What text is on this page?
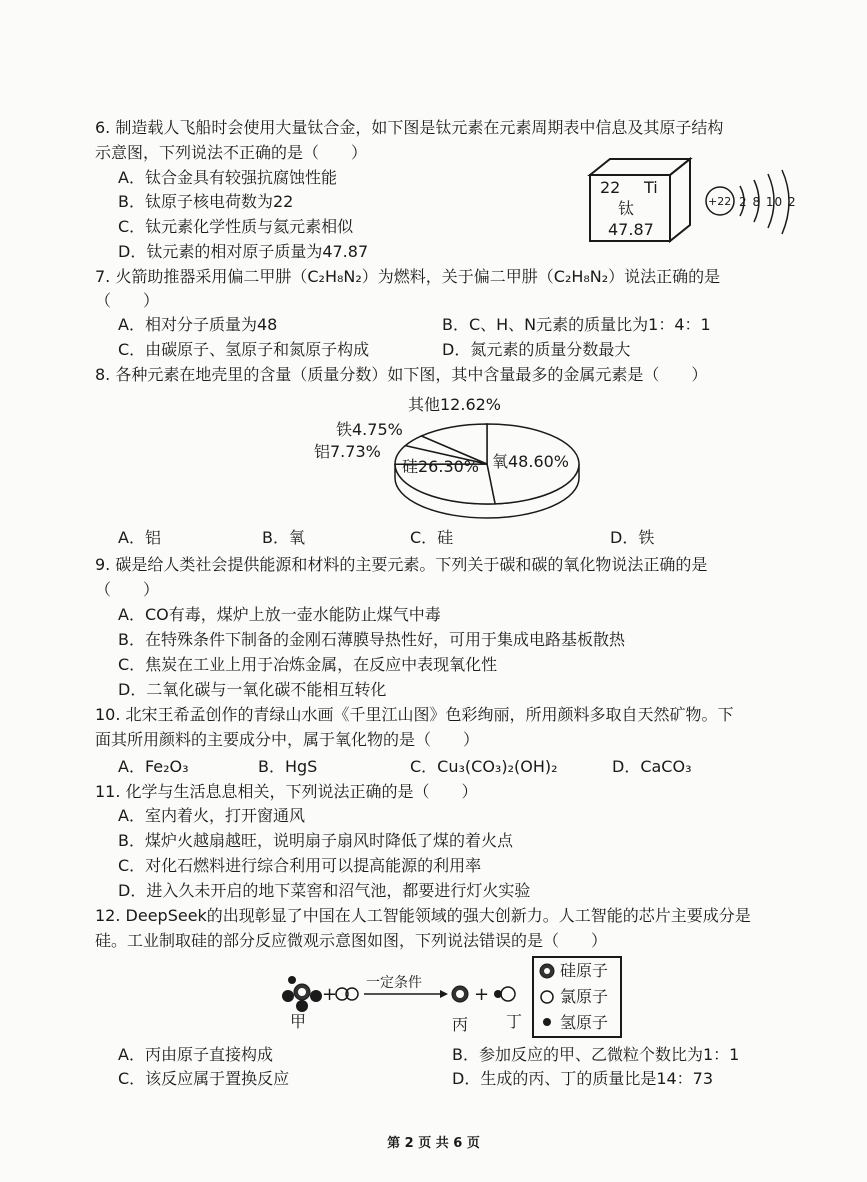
6. 制造载人飞船时会使用大量钛合金，如下图是钛元素在元素周期表中信息及其原子结构
示意图，下列说法不正确的是（　　）
A．钛合金具有较强抗腐蚀性能
B．钛原子核电荷数为22
C．钛元素化学性质与氦元素相似
D．钛元素的相对原子质量为47.87
22 Ti
钛
47.87
+22 2 8 10 2
7. 火箭助推器采用偏二甲肼（C₂H₈N₂）为燃料，关于偏二甲肼（C₂H₈N₂）说法正确的是
（　　）
A．相对分子质量为48	B．C、H、N元素的质量比为1：4：1
C．由碳原子、氢原子和氮原子构成	D．氮元素的质量分数最大
8. 各种元素在地壳里的含量（质量分数）如下图，其中含量最多的金属元素是（　　）
其他12.62%
铁4.75%
铝7.73%
硅26.30% 氧48.60%
A．铝	B．氧	C．硅	D．铁
9. 碳是给人类社会提供能源和材料的主要元素。下列关于碳和碳的氧化物说法正确的是
（　　）
A．CO有毒，煤炉上放一壶水能防止煤气中毒
B．在特殊条件下制备的金刚石薄膜导热性好，可用于集成电路基板散热
C．焦炭在工业上用于冶炼金属，在反应中表现氧化性
D．二氧化碳与一氧化碳不能相互转化
10. 北宋王希孟创作的青绿山水画《千里江山图》色彩绚丽，所用颜料多取自天然矿物。下
面其所用颜料的主要成分中，属于氧化物的是（　　）
A．Fe₂O₃	B．HgS	C．Cu₃(CO₃)₂(OH)₂	D．CaCO₃
11. 化学与生活息息相关，下列说法正确的是（　　）
A．室内着火，打开窗通风
B．煤炉火越扇越旺，说明扇子扇风时降低了煤的着火点
C．对化石燃料进行综合利用可以提高能源的利用率
D．进入久未开启的地下菜窖和沼气池，都要进行灯火实验
12. DeepSeek的出现彰显了中国在人工智能领域的强大创新力。人工智能的芯片主要成分是
硅。工业制取硅的部分反应微观示意图如图，下列说法错误的是（　　）
+	+
一定条件
甲	丙 丁
硅原子
氯原子
氢原子
A．丙由原子直接构成	B．参加反应的甲、乙微粒个数比为1：1
C．该反应属于置换反应	D．生成的丙、丁的质量比是14：73
第 2 页 共 6 页
